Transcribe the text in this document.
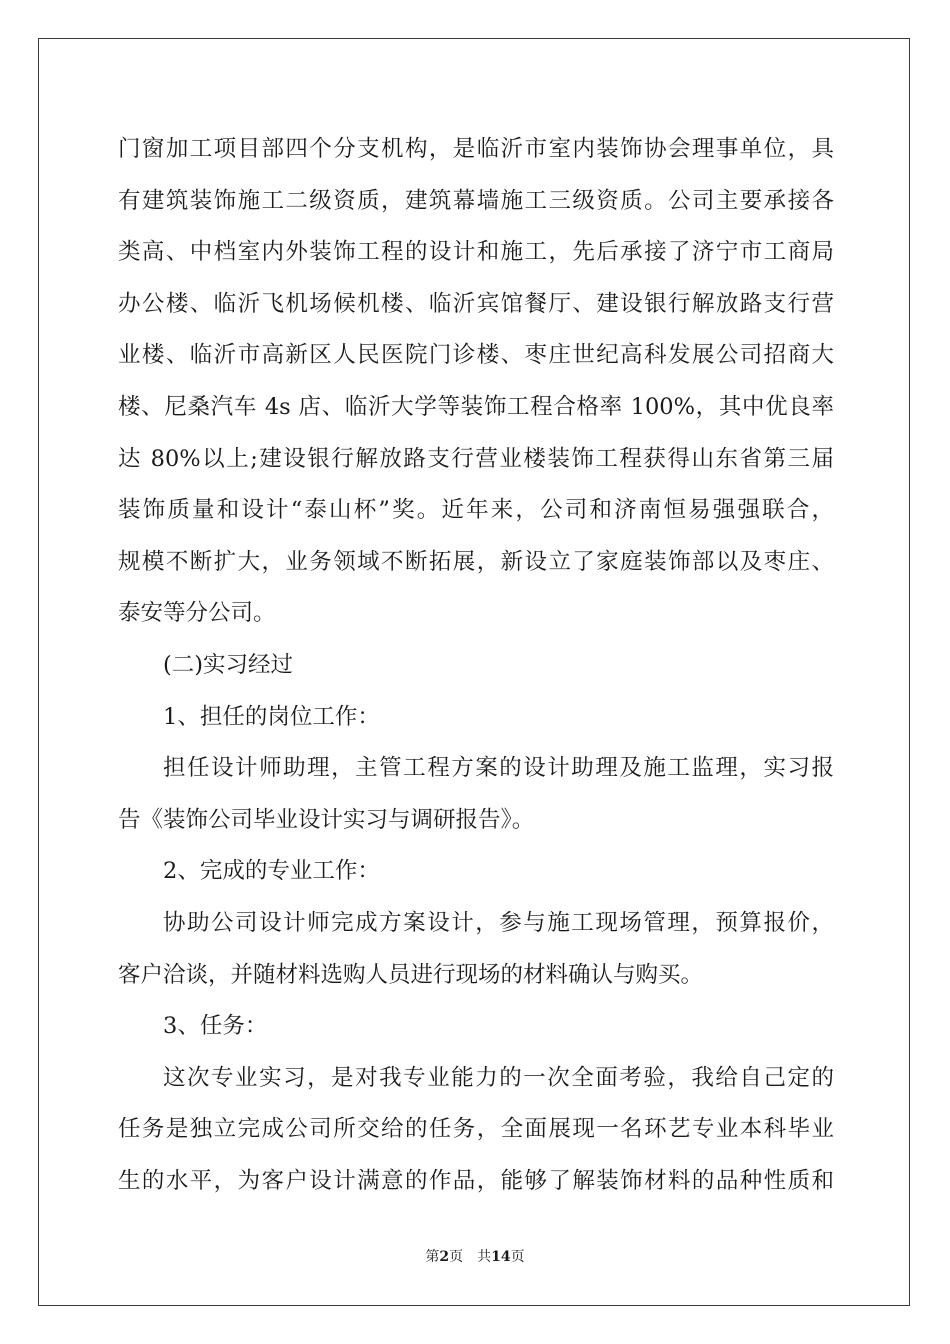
门窗加工项目部四个分支机构，是临沂市室内装饰协会理事单位，具
有建筑装饰施工二级资质，建筑幕墙施工三级资质。公司主要承接各
类高、中档室内外装饰工程的设计和施工，先后承接了济宁市工商局
办公楼、临沂飞机场候机楼、临沂宾馆餐厅、建设银行解放路支行营
业楼、临沂市高新区人民医院门诊楼、枣庄世纪高科发展公司招商大
楼、尼桑汽车 4s 店、临沂大学等装饰工程合格率 100%，其中优良率
达 80%以上;建设银行解放路支行营业楼装饰工程获得山东省第三届
装饰质量和设计“泰山杯”奖。近年来，公司和济南恒易强强联合，
规模不断扩大，业务领域不断拓展，新设立了家庭装饰部以及枣庄、
泰安等分公司。
(二)实习经过
1、担任的岗位工作：
担任设计师助理，主管工程方案的设计助理及施工监理，实习报
告《装饰公司毕业设计实习与调研报告》。
2、完成的专业工作：
协助公司设计师完成方案设计，参与施工现场管理，预算报价，
客户洽谈，并随材料选购人员进行现场的材料确认与购买。
3、任务：
这次专业实习，是对我专业能力的一次全面考验，我给自己定的
任务是独立完成公司所交给的任务，全面展现一名环艺专业本科毕业
生的水平，为客户设计满意的作品，能够了解装饰材料的品种性质和
第2页 共14页
